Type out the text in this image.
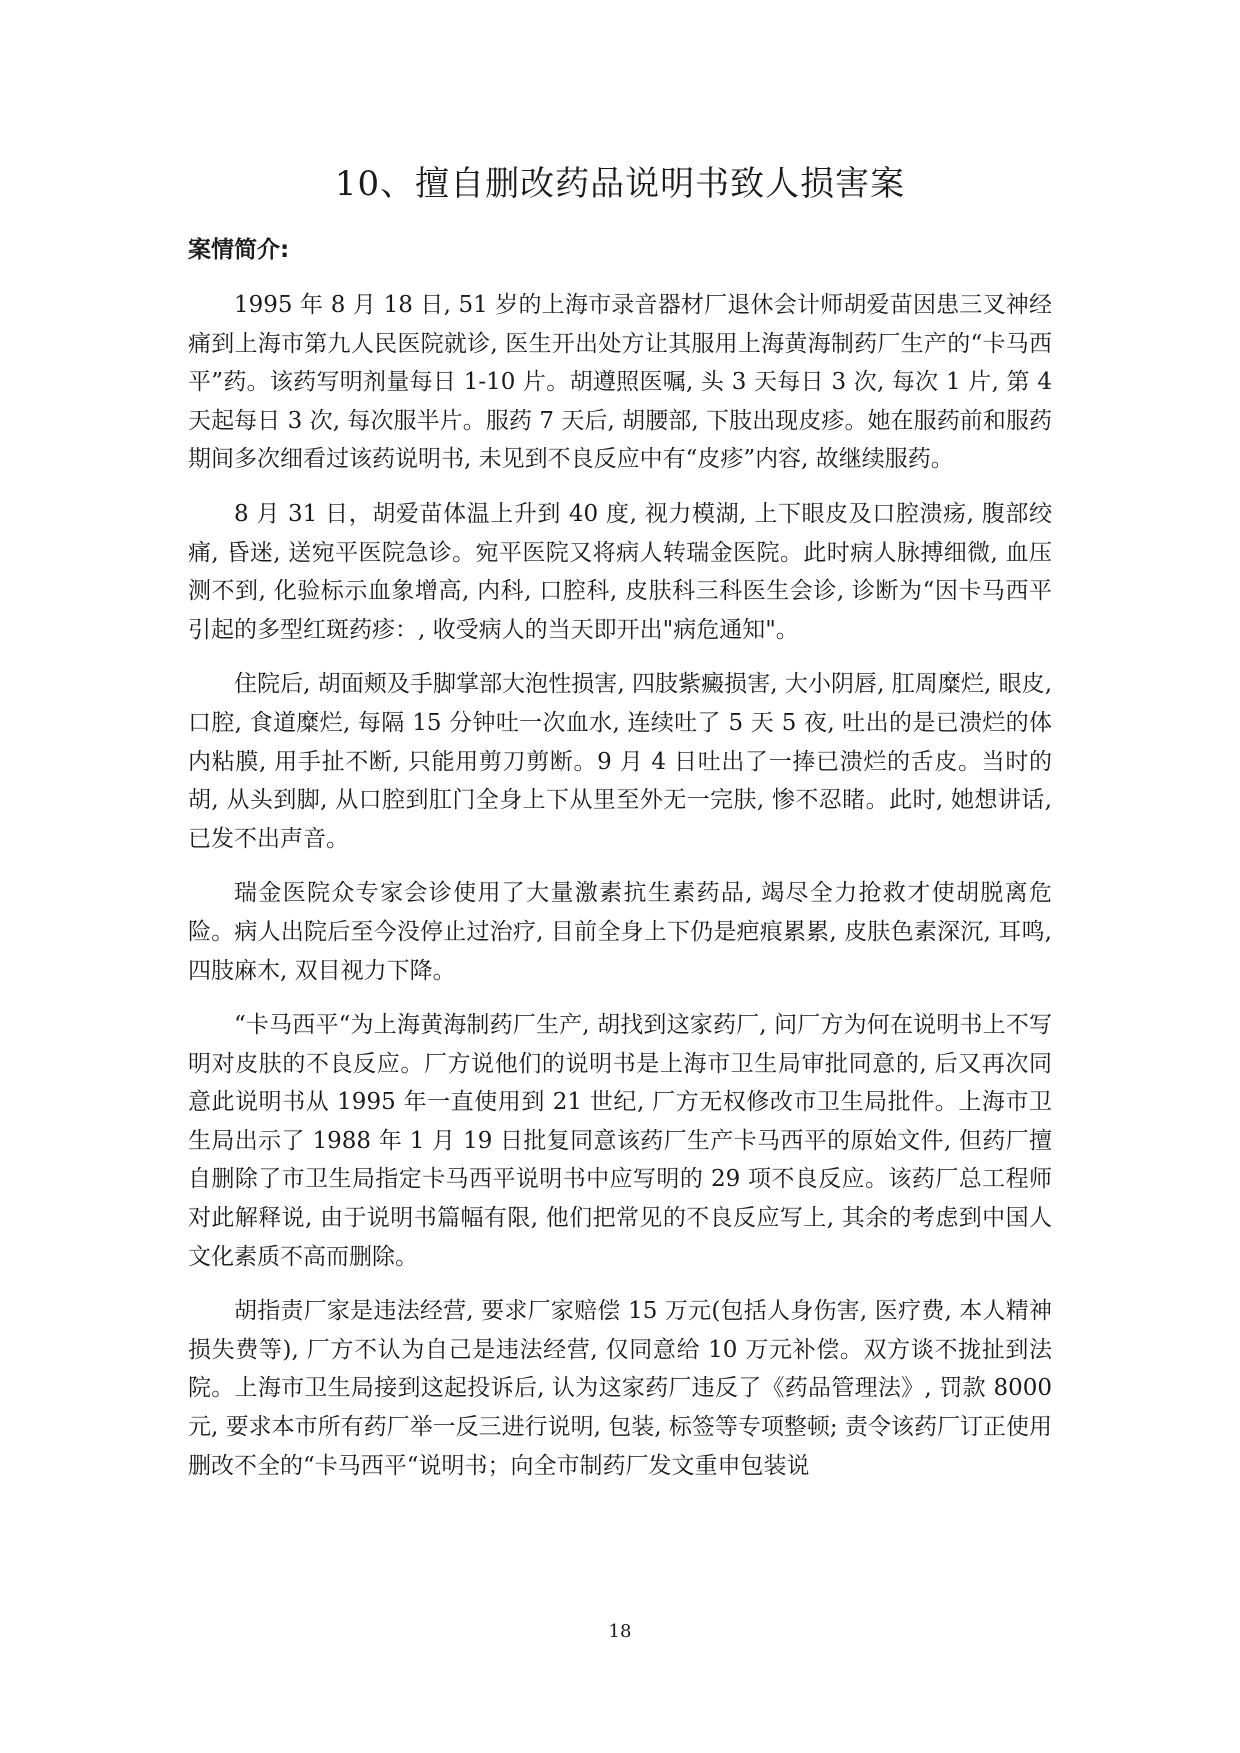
10、擅自删改药品说明书致人损害案
案情简介:

1995 年 8 月 18 日, 51 岁的上海市录音器材厂退休会计师胡爱苗因患三叉神经痛到上海市第九人民医院就诊, 医生开出处方让其服用上海黄海制药厂生产的“卡马西平”药。该药写明剂量每日 1-10 片。胡遵照医嘱, 头 3 天每日 3 次, 每次 1 片, 第 4 天起每日 3 次, 每次服半片。服药 7 天后, 胡腰部, 下肢出现皮疹。她在服药前和服药期间多次细看过该药说明书, 未见到不良反应中有“皮疹”内容, 故继续服药。

8 月 31 日，胡爱苗体温上升到 40 度, 视力模湖, 上下眼皮及口腔溃疡, 腹部绞痛, 昏迷, 送宛平医院急诊。宛平医院又将病人转瑞金医院。此时病人脉搏细微, 血压测不到, 化验标示血象增高, 内科, 口腔科, 皮肤科三科医生会诊, 诊断为“因卡马西平引起的多型红斑药疹：, 收受病人的当天即开出"病危通知"。

住院后, 胡面颊及手脚掌部大泡性损害, 四肢紫癜损害, 大小阴唇, 肛周糜烂, 眼皮, 口腔, 食道糜烂, 每隔 15 分钟吐一次血水, 连续吐了 5 天 5 夜, 吐出的是已溃烂的体内粘膜, 用手扯不断, 只能用剪刀剪断。9 月 4 日吐出了一捧已溃烂的舌皮。当时的胡, 从头到脚, 从口腔到肛门全身上下从里至外无一完肤, 惨不忍睹。此时, 她想讲话, 已发不出声音。

瑞金医院众专家会诊使用了大量激素抗生素药品, 竭尽全力抢救才使胡脱离危险。病人出院后至今没停止过治疗, 目前全身上下仍是疤痕累累, 皮肤色素深沉, 耳鸣, 四肢麻木, 双目视力下降。

“卡马西平“为上海黄海制药厂生产, 胡找到这家药厂, 问厂方为何在说明书上不写明对皮肤的不良反应。厂方说他们的说明书是上海市卫生局审批同意的, 后又再次同意此说明书从 1995 年一直使用到 21 世纪, 厂方无权修改市卫生局批件。上海市卫生局出示了 1988 年 1 月 19 日批复同意该药厂生产卡马西平的原始文件, 但药厂擅自删除了市卫生局指定卡马西平说明书中应写明的 29 项不良反应。该药厂总工程师对此解释说, 由于说明书篇幅有限, 他们把常见的不良反应写上, 其余的考虑到中国人文化素质不高而删除。

胡指责厂家是违法经营, 要求厂家赔偿 15 万元(包括人身伤害, 医疗费, 本人精神损失费等), 厂方不认为自己是违法经营, 仅同意给 10 万元补偿。双方谈不拢扯到法院。上海市卫生局接到这起投诉后, 认为这家药厂违反了《药品管理法》, 罚款 8000 元, 要求本市所有药厂举一反三进行说明, 包装, 标签等专项整顿; 责令该药厂订正使用删改不全的“卡马西平“说明书；向全市制药厂发文重申包装说

18
